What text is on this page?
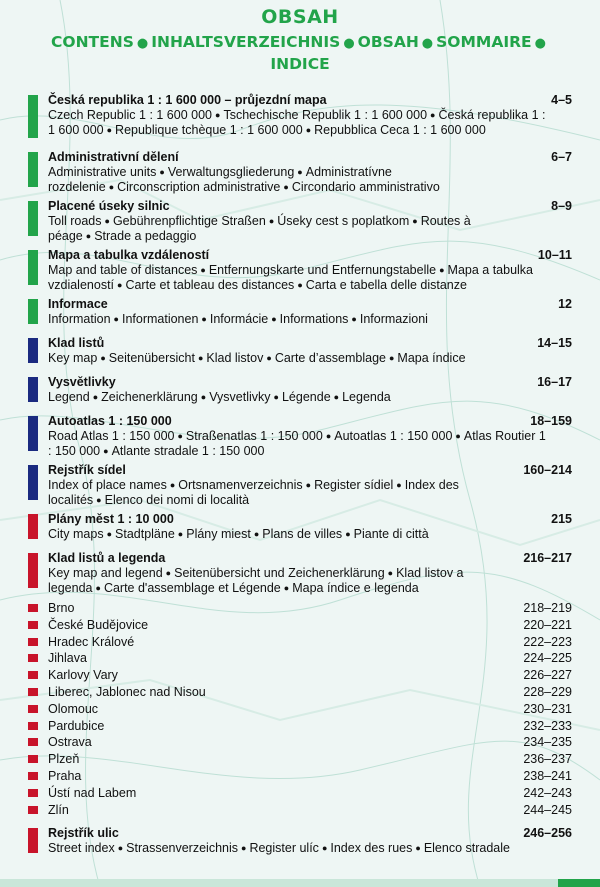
OBSAH
CONTENS ● INHALTSVERZEICHNIS ● OBSAH ● SOMMAIRE ●
INDICE
Česká republika 1 : 1 600 000 – průjezdní mapa	4–5
Czech Republic 1 : 1 600 000 ● Tschechische Republik 1 : 1 600 000 ● Česká republika 1 : 1 600 000 ● Republique tchèque 1 : 1 600 000 ● Repubblica Ceca 1 : 1 600 000
Administrativní dělení	6–7
Administrative units ● Verwaltungsgliederung ● Administratívne rozdelenie ● Circonscription administrative ● Circondario amministrativo
Placené úseky silnic	8–9
Toll roads ● Gebührenpflichtige Straßen ● Úseky cest s poplatkom ● Routes à péage ● Strade a pedaggio
Mapa a tabulka vzdáleností	10–11
Map and table of distances ● Entfernungskarte und Entfernungstabelle ● Mapa a tabulka vzdialeností ● Carte et tableau des distances ● Carta e tabella delle distanze
Informace	12
Information ● Informationen ● Informácie ● Informations ● Informazioni
Klad listů	14–15
Key map ● Seitenübersicht ● Klad listov ● Carte d’assemblage ● Mapa índice
Vysvětlivky	16–17
Legend ● Zeichenerklärung ● Vysvetlivky ● Légende ● Legenda
Autoatlas 1 : 150 000	18–159
Road Atlas 1 : 150 000 ● Straßenatlas 1 : 150 000 ● Autoatlas 1 : 150 000 ● Atlas Routier 1 : 150 000 ● Atlante stradale 1 : 150 000
Rejstřík sídel	160–214
Index of place names ● Ortsnamenverzeichnis ● Register sídiel ● Index des localités ● Elenco dei nomi di località
Plány měst 1 : 10 000	215
City maps ● Stadtpläne ● Plány miest ● Plans de villes ● Piante di città
Klad listů a legenda	216–217
Key map and legend ● Seitenübersicht und Zeichenerklärung ● Klad listov a legenda ● Carte d'assemblage et Légende ● Mapa índice e legenda
Brno	218–219
České Budějovice	220–221
Hradec Králové	222–223
Jihlava	224–225
Karlovy Vary	226–227
Liberec, Jablonec nad Nisou	228–229
Olomouc	230–231
Pardubice	232–233
Ostrava	234–235
Plzeň	236–237
Praha	238–241
Ústí nad Labem	242–243
Zlín	244–245
Rejstřík ulic	246–256
Street index ● Strassenverzeichnis ● Register ulíc ● Index des rues ● Elenco stradale
